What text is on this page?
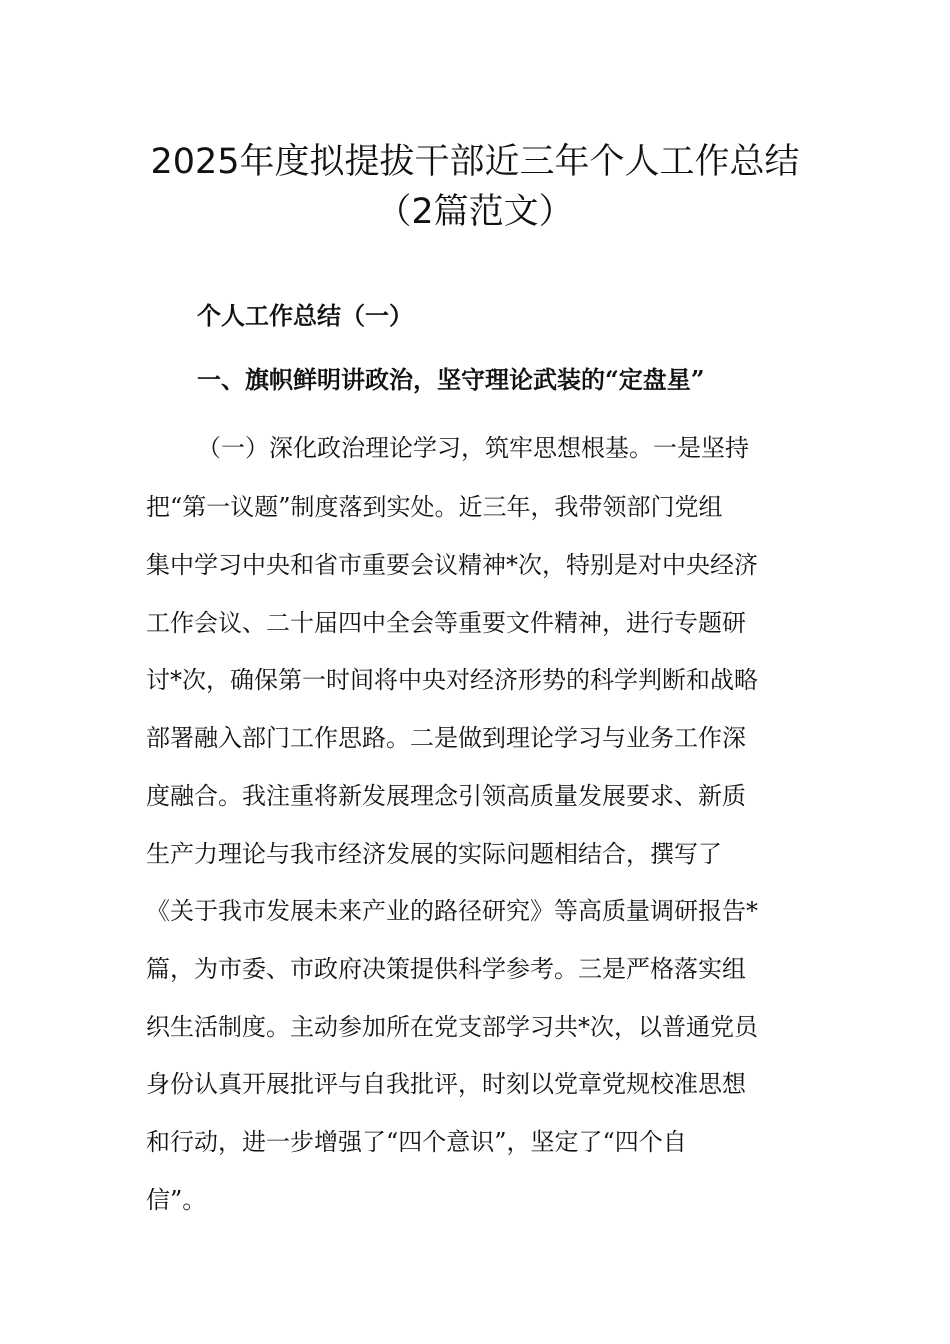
2025年度拟提拔干部近三年个人工作总结
（2篇范文）
个人工作总结（一）
一、旗帜鲜明讲政治，坚守理论武装的“定盘星”
（一）深化政治理论学习，筑牢思想根基。一是坚持
把“第一议题”制度落到实处。近三年，我带领部门党组
集中学习中央和省市重要会议精神*次，特别是对中央经济
工作会议、二十届四中全会等重要文件精神，进行专题研
讨*次，确保第一时间将中央对经济形势的科学判断和战略
部署融入部门工作思路。二是做到理论学习与业务工作深
度融合。我注重将新发展理念引领高质量发展要求、新质
生产力理论与我市经济发展的实际问题相结合，撰写了
《关于我市发展未来产业的路径研究》等高质量调研报告*
篇，为市委、市政府决策提供科学参考。三是严格落实组
织生活制度。主动参加所在党支部学习共*次，以普通党员
身份认真开展批评与自我批评，时刻以党章党规校准思想
和行动，进一步增强了“四个意识”，坚定了“四个自
信”。
